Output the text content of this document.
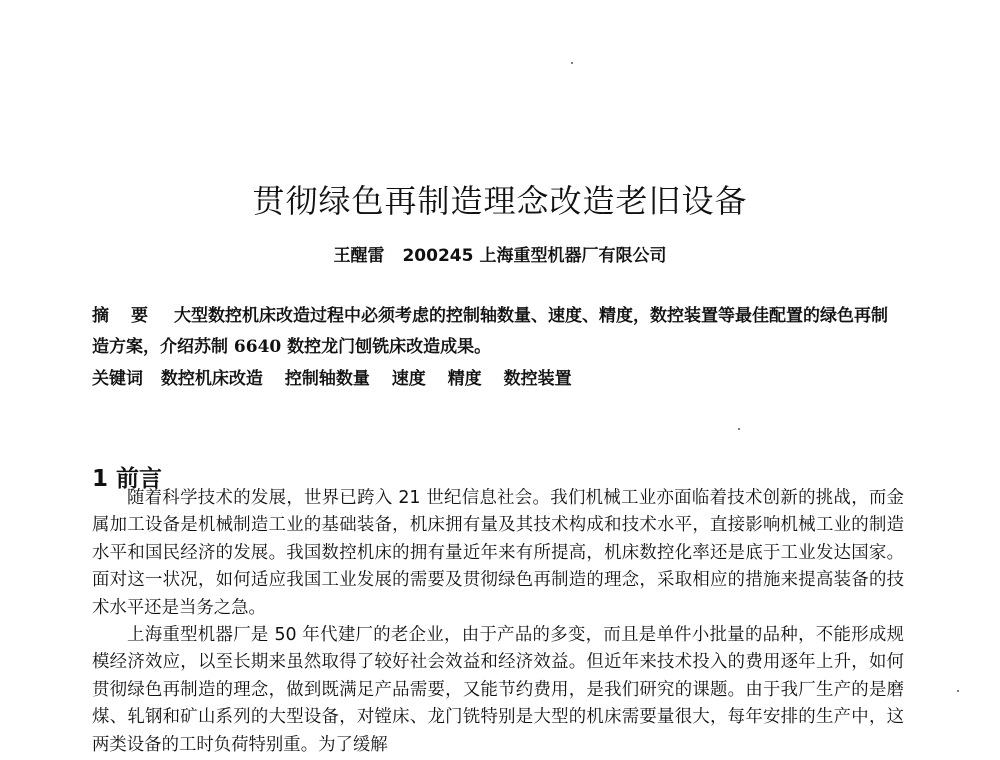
贯彻绿色再制造理念改造老旧设备
王醒雷 200245 上海重型机器厂有限公司
摘要 大型数控机床改造过程中必须考虑的控制轴数量、速度、精度，数控装置等最佳配置的绿色再制造方案，介绍苏制 6640 数控龙门刨铣床改造成果。
关键词 数控机床改造 控制轴数量 速度 精度 数控装置
1 前言

随着科学技术的发展，世界已跨入 21 世纪信息社会。我们机械工业亦面临着技术创新的挑战，而金属加工设备是机械制造工业的基础装备，机床拥有量及其技术构成和技术水平，直接影响机械工业的制造水平和国民经济的发展。我国数控机床的拥有量近年来有所提高，机床数控化率还是底于工业发达国家。面对这一状况，如何适应我国工业发展的需要及贯彻绿色再制造的理念，采取相应的措施来提高装备的技术水平还是当务之急。

上海重型机器厂是 50 年代建厂的老企业，由于产品的多变，而且是单件小批量的品种，不能形成规模经济效应，以至长期来虽然取得了较好社会效益和经济效益。但近年来技术投入的费用逐年上升，如何贯彻绿色再制造的理念，做到既满足产品需要，又能节约费用，是我们研究的课题。由于我厂生产的是磨煤、轧钢和矿山系列的大型设备，对镗床、龙门铣特别是大型的机床需要量很大，每年安排的生产中，这两类设备的工时负荷特别重。为了缓解
